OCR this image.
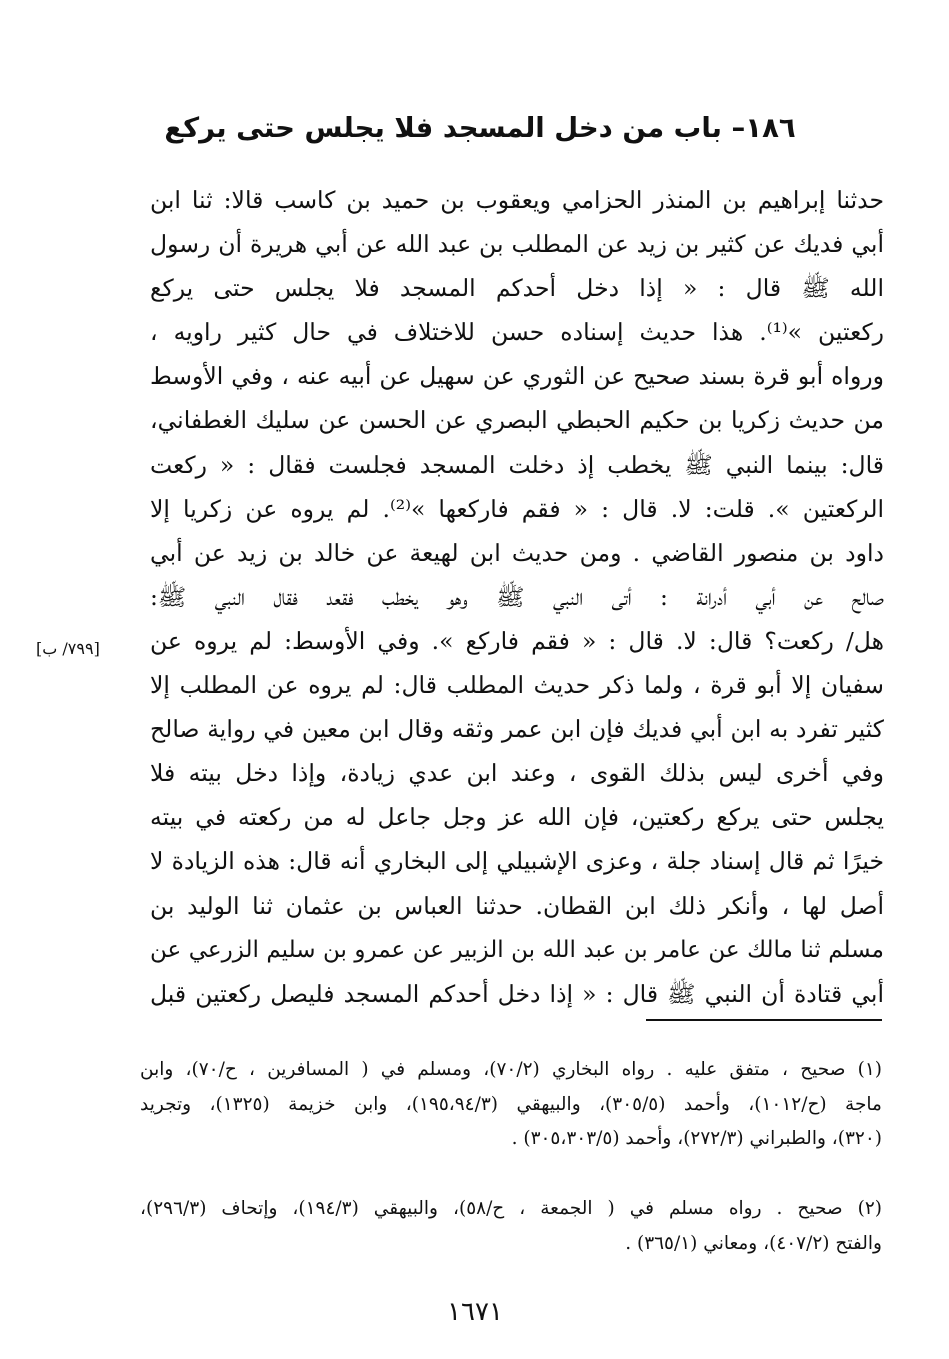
١٨٦– باب من دخل المسجد فلا يجلس حتى يركع
حدثنا إبراهيم بن المنذر الحزامي ويعقوب بن حميد بن كاسب قالا: ثنا ابن
أبي فديك عن كثير بن زيد عن المطلب بن عبد الله عن أبي هريرة أن رسول
الله ﷺ قال : « إذا دخل أحدكم المسجد فلا يجلس حتى يركع
ركعتين »⁽¹⁾. هذا حديث إسناده حسن للاختلاف في حال كثير راويه ،
ورواه أبو قرة بسند صحيح عن الثوري عن سهيل عن أبيه عنه ، وفي الأوسط
من حديث زكريا بن حكيم الحبطي البصري عن الحسن عن سليك الغطفاني،
قال: بينما النبي ﷺ يخطب إذ دخلت المسجد فجلست فقال : « ركعت
الركعتين ». قلت: لا. قال : « فقم فاركعها »⁽²⁾. لم يروه عن زكريا إلا
داود بن منصور القاضي . ومن حديث ابن لهيعة عن خالد بن زيد عن أبي
صالح عن أبي أدرانة : أتى النبي ﷺ وهو يخطب فقعد فقال النبي ﷺ:
هل/ ركعت؟ قال: لا. قال : « فقم فاركع ». وفي الأوسط: لم يروه عن
سفيان إلا أبو قرة ، ولما ذكر حديث المطلب قال: لم يروه عن المطلب إلا
كثير تفرد به ابن أبي فديك فإن ابن عمر وثقه وقال ابن معين في رواية صالح
وفي أخرى ليس بذلك القوى ، وعند ابن عدي زيادة، وإذا دخل بيته فلا
يجلس حتى يركع ركعتين، فإن الله عز وجل جاعل له من ركعته في بيته
خيرًا ثم قال إسناد جلة ، وعزى الإشبيلي إلى البخاري أنه قال: هذه الزيادة لا
أصل لها ، وأنكر ذلك ابن القطان. حدثنا العباس بن عثمان ثنا الوليد بن
مسلم ثنا مالك عن عامر بن عبد الله بن الزبير عن عمرو بن سليم الزرعي عن
أبي قتادة أن النبي ﷺ قال : « إذا دخل أحدكم المسجد فليصل ركعتين قبل
[٧٩٩/ ب]
(١) صحيح ، متفق عليه . رواه البخاري (٧٠/٢)، ومسلم في ( المسافرين ، ح/٧٠)، وابن
ماجة (ح/١٠١٢)، وأحمد (٣٠٥/٥)، والبيهقي (١٩٥،٩٤/٣)، وابن خزيمة (١٣٢٥)، وتجريد
(٣٢٠)، والطبراني (٢٧٢/٣)، وأحمد (٣٠٥،٣٠٣/٥) .
(٢) صحيح . رواه مسلم في ( الجمعة ، ح/٥٨)، والبيهقي (١٩٤/٣)، وإتحاف (٢٩٦/٣)،
والفتح (٤٠٧/٢)، ومعاني (٣٦٥/١) .
١٦٧١
